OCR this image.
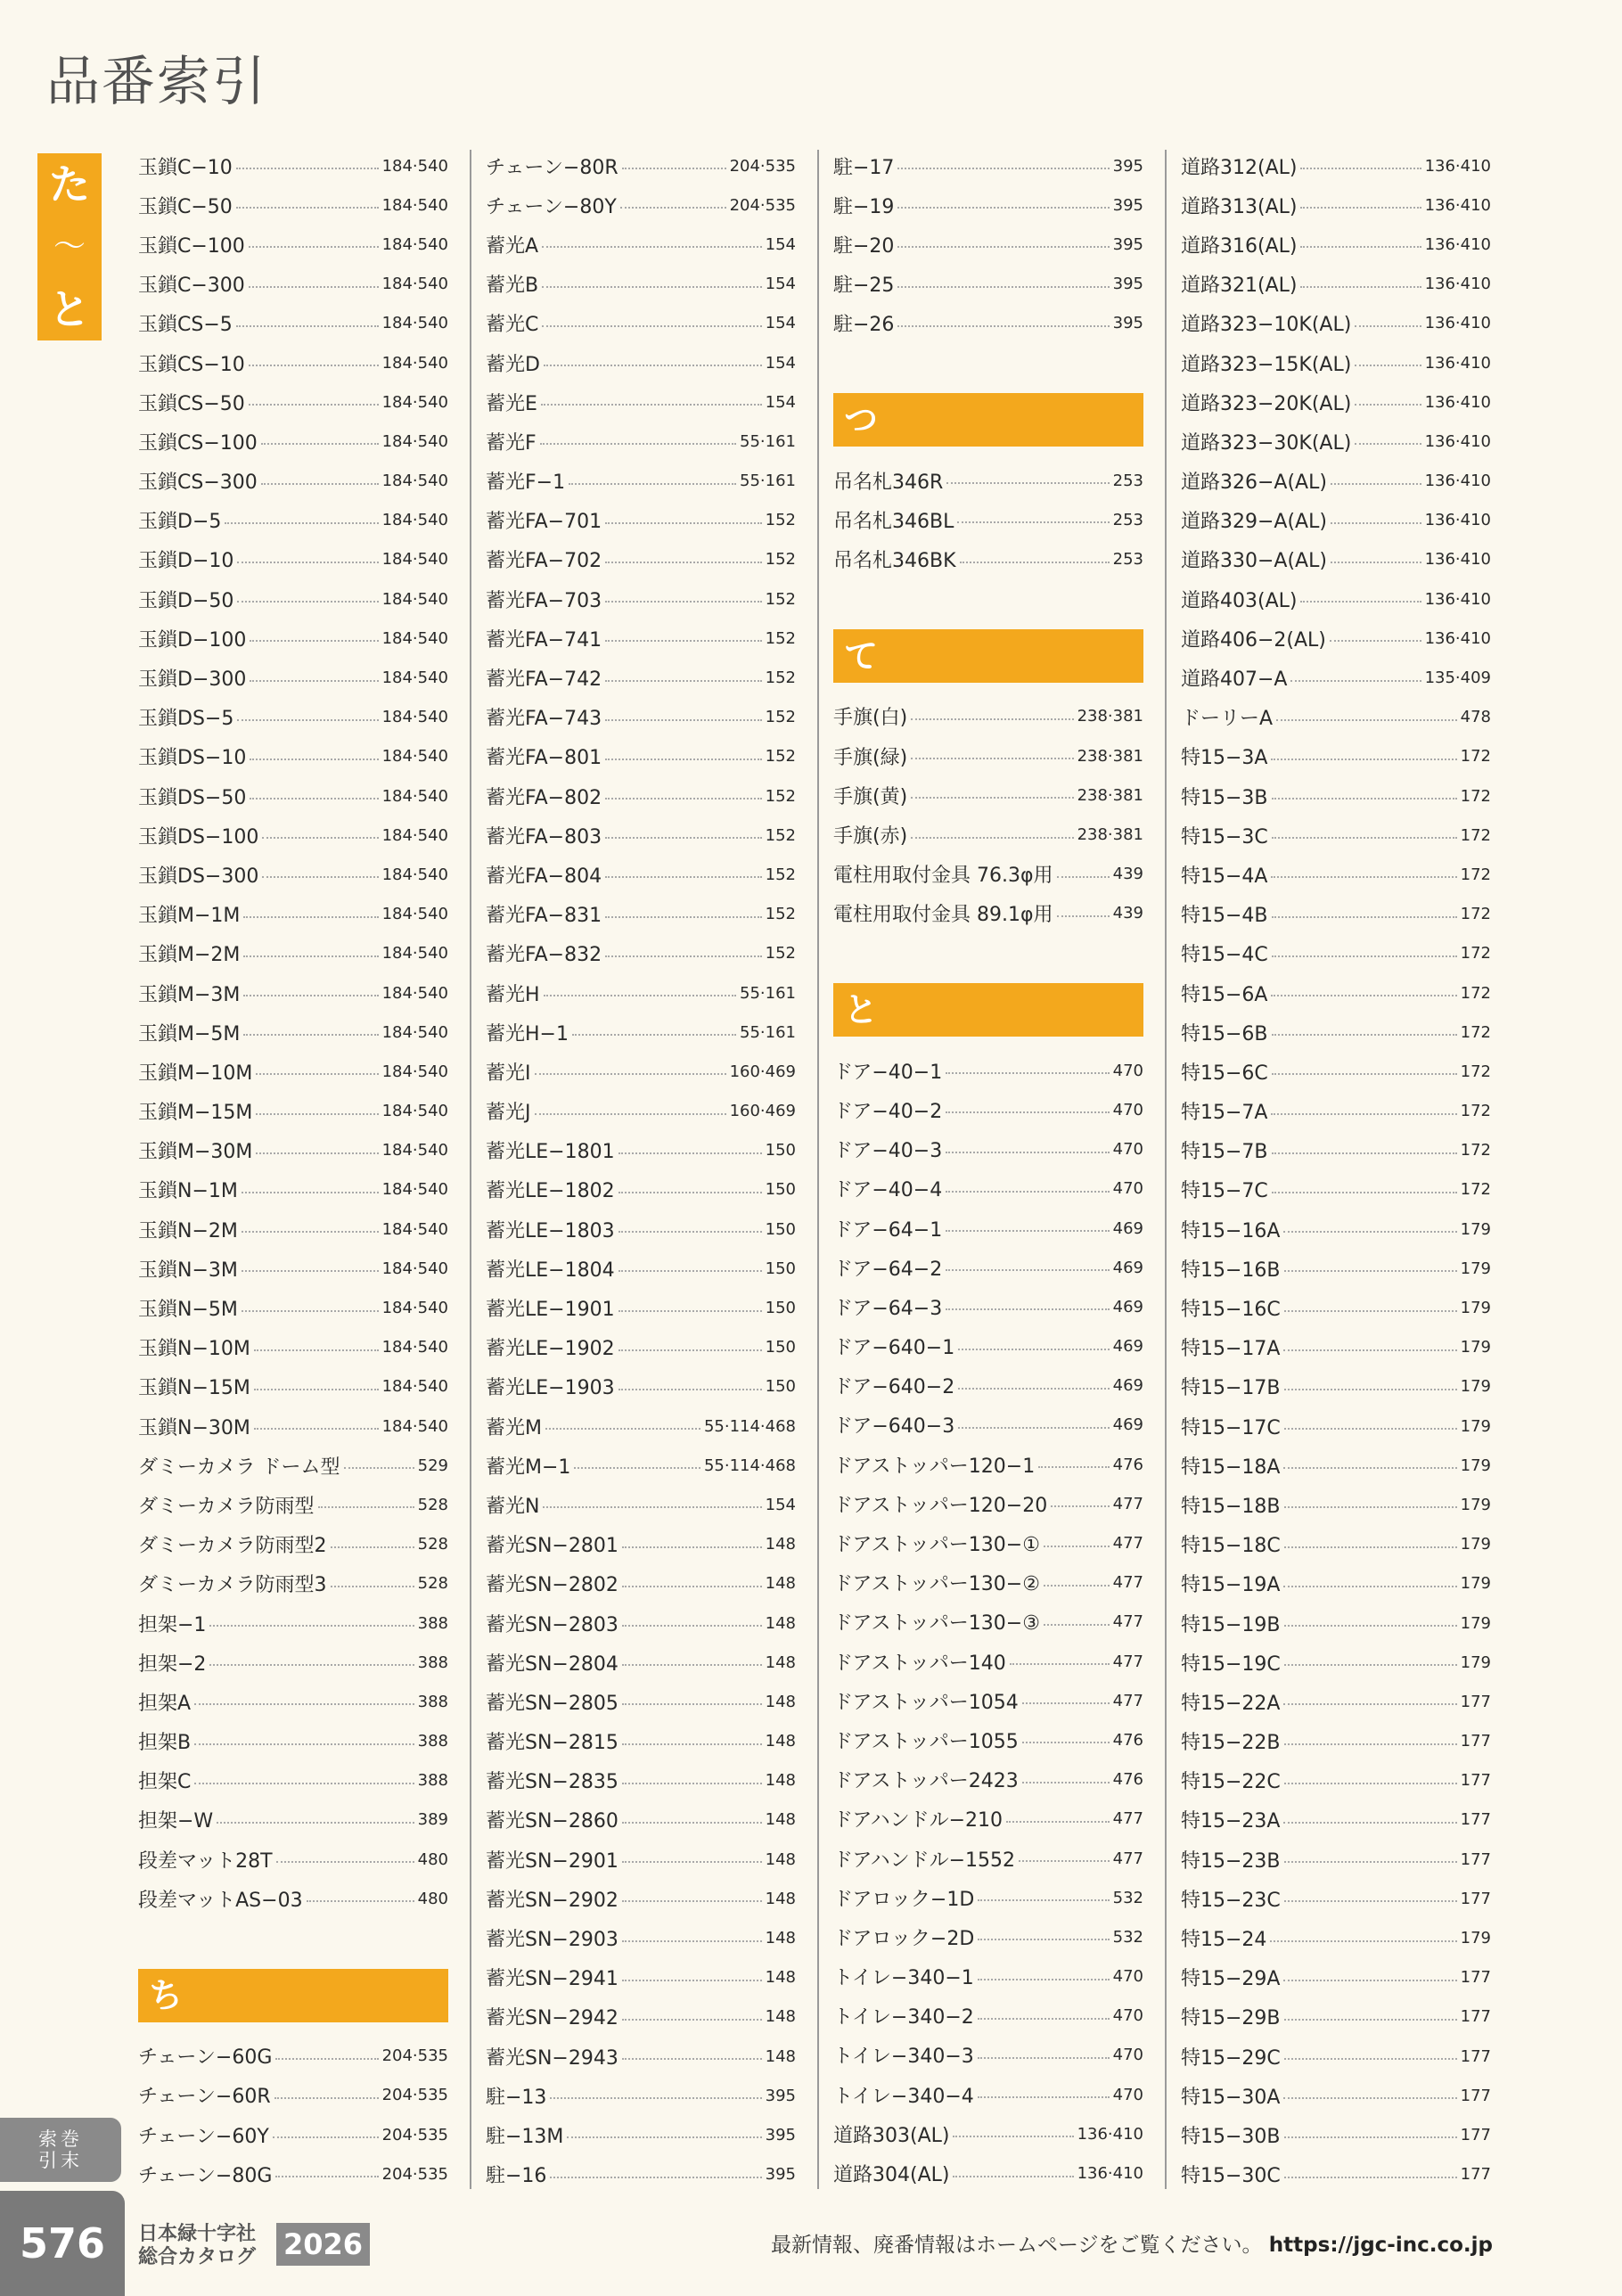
品番索引
た
〜
と
玉鎖C−10	184·540
玉鎖C−50	184·540
玉鎖C−100	184·540
玉鎖C−300	184·540
玉鎖CS−5	184·540
玉鎖CS−10	184·540
玉鎖CS−50	184·540
玉鎖CS−100	184·540
玉鎖CS−300	184·540
玉鎖D−5	184·540
玉鎖D−10	184·540
玉鎖D−50	184·540
玉鎖D−100	184·540
玉鎖D−300	184·540
玉鎖DS−5	184·540
玉鎖DS−10	184·540
玉鎖DS−50	184·540
玉鎖DS−100	184·540
玉鎖DS−300	184·540
玉鎖M−1M	184·540
玉鎖M−2M	184·540
玉鎖M−3M	184·540
玉鎖M−5M	184·540
玉鎖M−10M	184·540
玉鎖M−15M	184·540
玉鎖M−30M	184·540
玉鎖N−1M	184·540
玉鎖N−2M	184·540
玉鎖N−3M	184·540
玉鎖N−5M	184·540
玉鎖N−10M	184·540
玉鎖N−15M	184·540
玉鎖N−30M	184·540
ダミーカメラ ドーム型	529
ダミーカメラ防雨型	528
ダミーカメラ防雨型2	528
ダミーカメラ防雨型3	528
担架−1	388
担架−2	388
担架A	388
担架B	388
担架C	388
担架−W	389
段差マット28T	480
段差マットAS−03	480
ち
チェーン−60G	204·535
チェーン−60R	204·535
チェーン−60Y	204·535
チェーン−80G	204·535
チェーン−80R	204·535
チェーン−80Y	204·535
蓄光A	154
蓄光B	154
蓄光C	154
蓄光D	154
蓄光E	154
蓄光F	55·161
蓄光F−1	55·161
蓄光FA−701	152
蓄光FA−702	152
蓄光FA−703	152
蓄光FA−741	152
蓄光FA−742	152
蓄光FA−743	152
蓄光FA−801	152
蓄光FA−802	152
蓄光FA−803	152
蓄光FA−804	152
蓄光FA−831	152
蓄光FA−832	152
蓄光H	55·161
蓄光H−1	55·161
蓄光I	160·469
蓄光J	160·469
蓄光LE−1801	150
蓄光LE−1802	150
蓄光LE−1803	150
蓄光LE−1804	150
蓄光LE−1901	150
蓄光LE−1902	150
蓄光LE−1903	150
蓄光M	55·114·468
蓄光M−1	55·114·468
蓄光N	154
蓄光SN−2801	148
蓄光SN−2802	148
蓄光SN−2803	148
蓄光SN−2804	148
蓄光SN−2805	148
蓄光SN−2815	148
蓄光SN−2835	148
蓄光SN−2860	148
蓄光SN−2901	148
蓄光SN−2902	148
蓄光SN−2903	148
蓄光SN−2941	148
蓄光SN−2942	148
蓄光SN−2943	148
駐−13	395
駐−13M	395
駐−16	395
駐−17	395
駐−19	395
駐−20	395
駐−25	395
駐−26	395
つ
吊名札346R	253
吊名札346BL	253
吊名札346BK	253
て
手旗(白)	238·381
手旗(緑)	238·381
手旗(黄)	238·381
手旗(赤)	238·381
電柱用取付金具 76.3φ用	439
電柱用取付金具 89.1φ用	439
と
ドア−40−1	470
ドア−40−2	470
ドア−40−3	470
ドア−40−4	470
ドア−64−1	469
ドア−64−2	469
ドア−64−3	469
ドア−640−1	469
ドア−640−2	469
ドア−640−3	469
ドアストッパー120−1	476
ドアストッパー120−20	477
ドアストッパー130−①	477
ドアストッパー130−②	477
ドアストッパー130−③	477
ドアストッパー140	477
ドアストッパー1054	477
ドアストッパー1055	476
ドアストッパー2423	476
ドアハンドル−210	477
ドアハンドル−1552	477
ドアロック−1D	532
ドアロック−2D	532
トイレ−340−1	470
トイレ−340−2	470
トイレ−340−3	470
トイレ−340−4	470
道路303(AL)	136·410
道路304(AL)	136·410
道路312(AL)	136·410
道路313(AL)	136·410
道路316(AL)	136·410
道路321(AL)	136·410
道路323−10K(AL)	136·410
道路323−15K(AL)	136·410
道路323−20K(AL)	136·410
道路323−30K(AL)	136·410
道路326−A(AL)	136·410
道路329−A(AL)	136·410
道路330−A(AL)	136·410
道路403(AL)	136·410
道路406−2(AL)	136·410
道路407−A	135·409
ドーリーA	478
特15−3A	172
特15−3B	172
特15−3C	172
特15−4A	172
特15−4B	172
特15−4C	172
特15−6A	172
特15−6B	172
特15−6C	172
特15−7A	172
特15−7B	172
特15−7C	172
特15−16A	179
特15−16B	179
特15−16C	179
特15−17A	179
特15−17B	179
特15−17C	179
特15−18A	179
特15−18B	179
特15−18C	179
特15−19A	179
特15−19B	179
特15−19C	179
特15−22A	177
特15−22B	177
特15−22C	177
特15−23A	177
特15−23B	177
特15−23C	177
特15−24	179
特15−29A	177
特15−29B	177
特15−29C	177
特15−30A	177
特15−30B	177
特15−30C	177
索巻
引末
576	日本緑十字社総合カタログ 2026	最新情報、廃番情報はホームページをご覧ください。 https://jgc-inc.co.jp
